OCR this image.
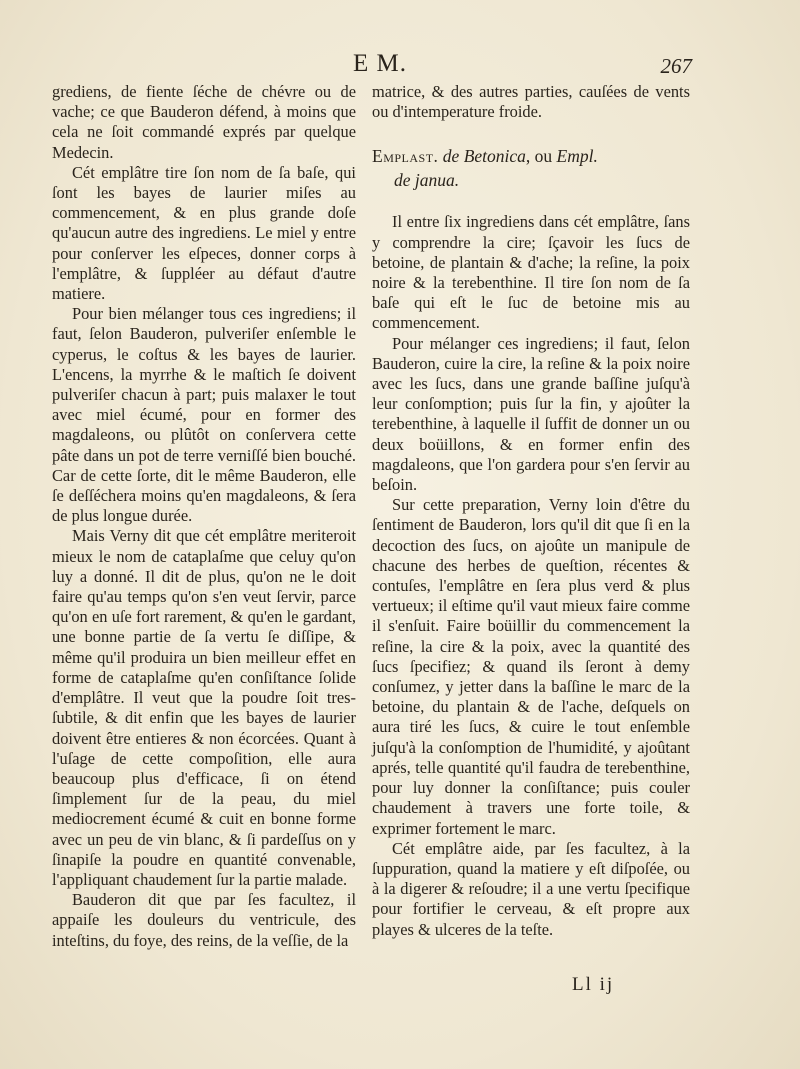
E M.	267

grediens, de fiente ſéche de chévre ou de vache; ce que Bauderon défend, à moins que cela ne ſoit commandé exprés par quelque Medecin.

Cét emplâtre tire ſon nom de ſa baſe, qui ſont les bayes de laurier miſes au commencement, & en plus grande doſe qu'aucun autre des ingrediens. Le miel y entre pour conſerver les eſpeces, donner corps à l'emplâtre, & ſuppléer au défaut d'autre matiere.

Pour bien mélanger tous ces ingrediens; il faut, ſelon Bauderon, pulveriſer enſemble le cyperus, le coſtus & les bayes de laurier. L'encens, la myrrhe & le maſtich ſe doivent pulveriſer chacun à part; puis malaxer le tout avec miel écumé, pour en former des magdaleons, ou plûtôt on conſervera cette pâte dans un pot de terre verniſſé bien bouché. Car de cette ſorte, dit le même Bauderon, elle ſe deſſéchera moins qu'en magdaleons, & ſera de plus longue durée.

Mais Verny dit que cét emplâtre meriteroit mieux le nom de cataplaſme que celuy qu'on luy a donné. Il dit de plus, qu'on ne le doit faire qu'au temps qu'on s'en veut ſervir, parce qu'on en uſe fort rarement, & qu'en le gardant, une bonne partie de ſa vertu ſe diſſipe, & même qu'il produira un bien meilleur effet en forme de cataplaſme qu'en conſiſtance ſolide d'emplâtre. Il veut que la poudre ſoit tres-ſubtile, & dit enfin que les bayes de laurier doivent être entieres & non écorcées. Quant à l'uſage de cette compoſition, elle aura beaucoup plus d'efficace, ſi on étend ſimplement ſur de la peau, du miel mediocrement écumé & cuit en bonne forme avec un peu de vin blanc, & ſi pardeſſus on y ſinapiſe la poudre en quantité convenable, l'appliquant chaudement ſur la partie malade.

Bauderon dit que par ſes facultez, il appaiſe les douleurs du ventricule, des inteſtins, du foye, des reins, de la veſſie, de la

matrice, & des autres parties, cauſées de vents ou d'intemperature froide.

Emplast. de Betonica, ou Empl.
de janua.

Il entre ſix ingrediens dans cét emplâtre, ſans y comprendre la cire; ſçavoir les ſucs de betoine, de plantain & d'ache; la reſine, la poix noire & la terebenthine. Il tire ſon nom de ſa baſe qui eſt le ſuc de betoine mis au commencement.

Pour mélanger ces ingrediens; il faut, ſelon Bauderon, cuire la cire, la reſine & la poix noire avec les ſucs, dans une grande baſſine juſqu'à leur conſomption; puis ſur la fin, y ajoûter la terebenthine, à laquelle il ſuffit de donner un ou deux boüillons, & en former enfin des magdaleons, que l'on gardera pour s'en ſervir au beſoin.

Sur cette preparation, Verny loin d'être du ſentiment de Bauderon, lors qu'il dit que ſi en la decoction des ſucs, on ajoûte un manipule de chacune des herbes de queſtion, récentes & contuſes, l'emplâtre en ſera plus verd & plus vertueux; il eſtime qu'il vaut mieux faire comme il s'enſuit. Faire boüillir du commencement la reſine, la cire & la poix, avec la quantité des ſucs ſpecifiez; & quand ils ſeront à demy conſumez, y jetter dans la baſſine le marc de la betoine, du plantain & de l'ache, deſquels on aura tiré les ſucs, & cuire le tout enſemble juſqu'à la conſomption de l'humidité, y ajoûtant aprés, telle quantité qu'il faudra de terebenthine, pour luy donner la conſiſtance; puis couler chaudement à travers une forte toile, & exprimer fortement le marc.

Cét emplâtre aide, par ſes facultez, à la ſuppuration, quand la matiere y eſt diſpoſée, ou à la digerer & reſoudre; il a une vertu ſpecifique pour fortifier le cerveau, & eſt propre aux playes & ulceres de la teſte.

Ll ij
